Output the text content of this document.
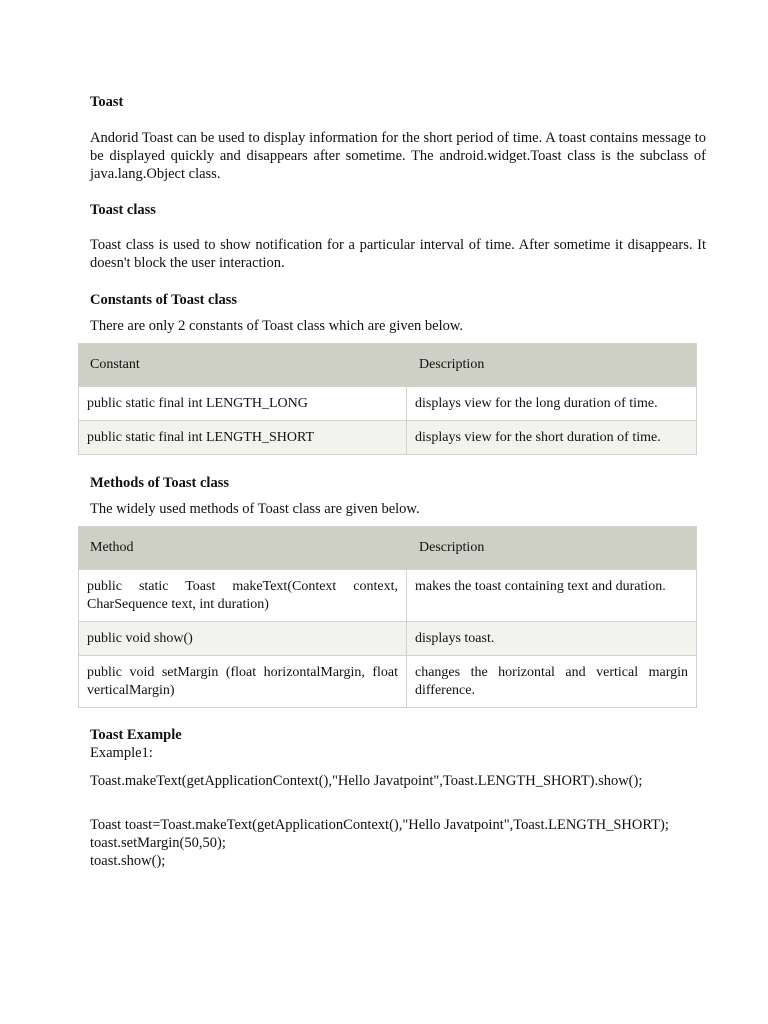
Toast
Andorid Toast can be used to display information for the short period of time. A toast contains message to be displayed quickly and disappears after sometime. The android.widget.Toast class is the subclass of java.lang.Object class.
Toast class
Toast class is used to show notification for a particular interval of time. After sometime it disappears. It doesn't block the user interaction.
Constants of Toast class
There are only 2 constants of Toast class which are given below.
Constant	Description
public static final int LENGTH_LONG	displays view for the long duration of time.
public static final int LENGTH_SHORT	displays view for the short duration of time.
Methods of Toast class
The widely used methods of Toast class are given below.
Method	Description
public static Toast makeText(Context context, CharSequence text, int duration)	makes the toast containing text and duration.
public void show()	displays toast.
public void setMargin (float horizontalMargin, float verticalMargin)	changes the horizontal and vertical margin difference.
Toast Example
Example1:
Toast.makeText(getApplicationContext(),"Hello Javatpoint",Toast.LENGTH_SHORT).show();
Toast toast=Toast.makeText(getApplicationContext(),"Hello Javatpoint",Toast.LENGTH_SHORT);
toast.setMargin(50,50);
toast.show();
